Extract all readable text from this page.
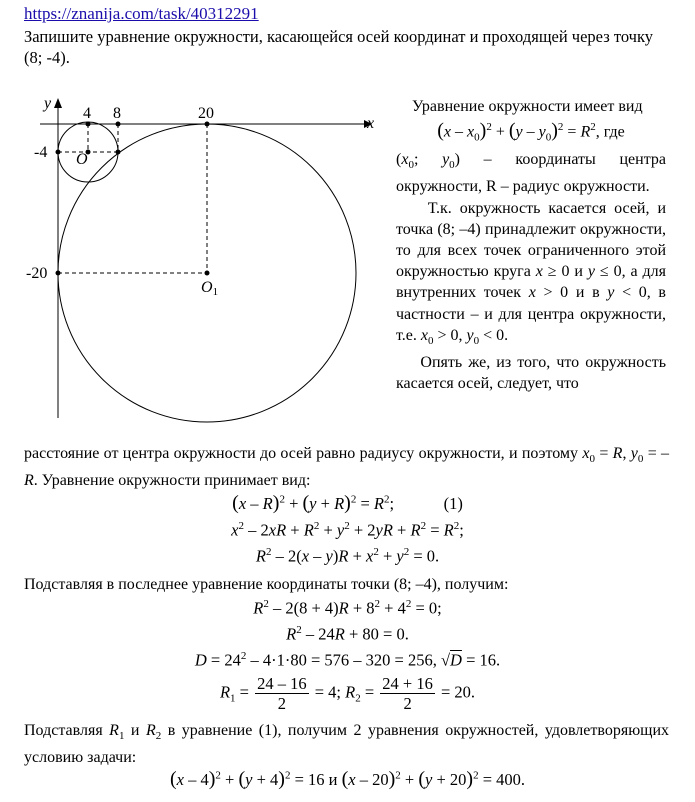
https://znanija.com/task/40312291
Запишите уравнение окружности, касающейся осей координат и проходящей через точку (8; -4).
x
y
4 8	20
-4
-20
O
O1

Уравнение окружности имеет вид

$(x - x_0)^2 + (y - y_0)^2 = R^2$, где

($x_0$; $y_0$) – координаты центра окружности, R – радиус окружности.

Т.к. окружность касается осей, и точка (8; –4) принадлежит окружности, то для всех точек ограниченного этой окружностью круга x ≥ 0 и y ≤ 0, а для внутренних точек x > 0 и в y < 0, в частности – и для центра окружности, т.е. $x_0 > 0$, $y_0 < 0$.

Опять же, из того, что окружность касается осей, следует, что

расстояние от центра окружности до осей равно радиусу окружности, и поэтому $x_0 = R$, $y_0 = -R$. Уравнение окружности принимает вид:

$(x - R)^2 + (y + R)^2 = R^2$;            (1)
$x^2 - 2xR + R^2 + y^2 + 2yR + R^2 = R^2$;
$R^2 - 2(x - y)R + x^2 + y^2 = 0$.

Подставляя в последнее уравнение координаты точки (8; –4), получим:

$R^2 - 2(8 + 4)R + 8^2 + 4^2 = 0$;
$R^2 - 24R + 80 = 0$.
$D = 24^2 - 4\cdot 1\cdot 80 = 576 - 320 = 256$, √D = 16.
$R_1 = \frac{24 - 16}{2} = 4$; $R_2 = \frac{24 + 16}{2} = 20$.

Подставляя $R_1$ и $R_2$ в уравнение (1), получим 2 уравнения окружностей, удовлетворяющих условию задачи:

$(x - 4)^2 + (y + 4)^2 = 16$ и $(x - 20)^2 + (y + 20)^2 = 400$.
